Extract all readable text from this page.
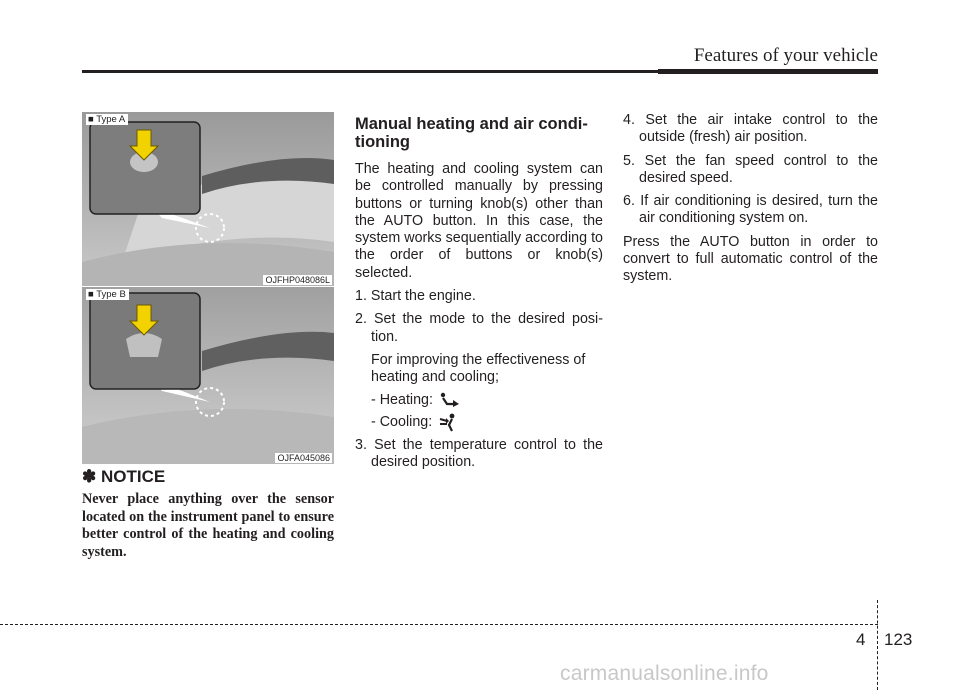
Features of your vehicle
■ Type A
OJFHP048086L
■ Type B
OJFA045086
✽ NOTICE
Never place anything over the sensor located on the instrument panel to ensure better control of the heating and cooling system.
Manual heating and air condi-tioning
The heating and cooling system can be controlled manually by pressing buttons or turning knob(s) other than the AUTO button. In this case, the system works sequentially according to the order of buttons or knob(s) selected.
1. Start the engine.
2. Set the mode to the desired posi-tion.
For improving the effectiveness of heating and cooling;
- Heating:
- Cooling:
3. Set the temperature control to the desired position.
4. Set the air intake control to the outside (fresh) air position.
5. Set the fan speed control to the desired speed.
6. If air conditioning is desired, turn the air conditioning system on.
Press the AUTO button in order to convert to full automatic control of the system.
4 123
carmanualsonline.info
